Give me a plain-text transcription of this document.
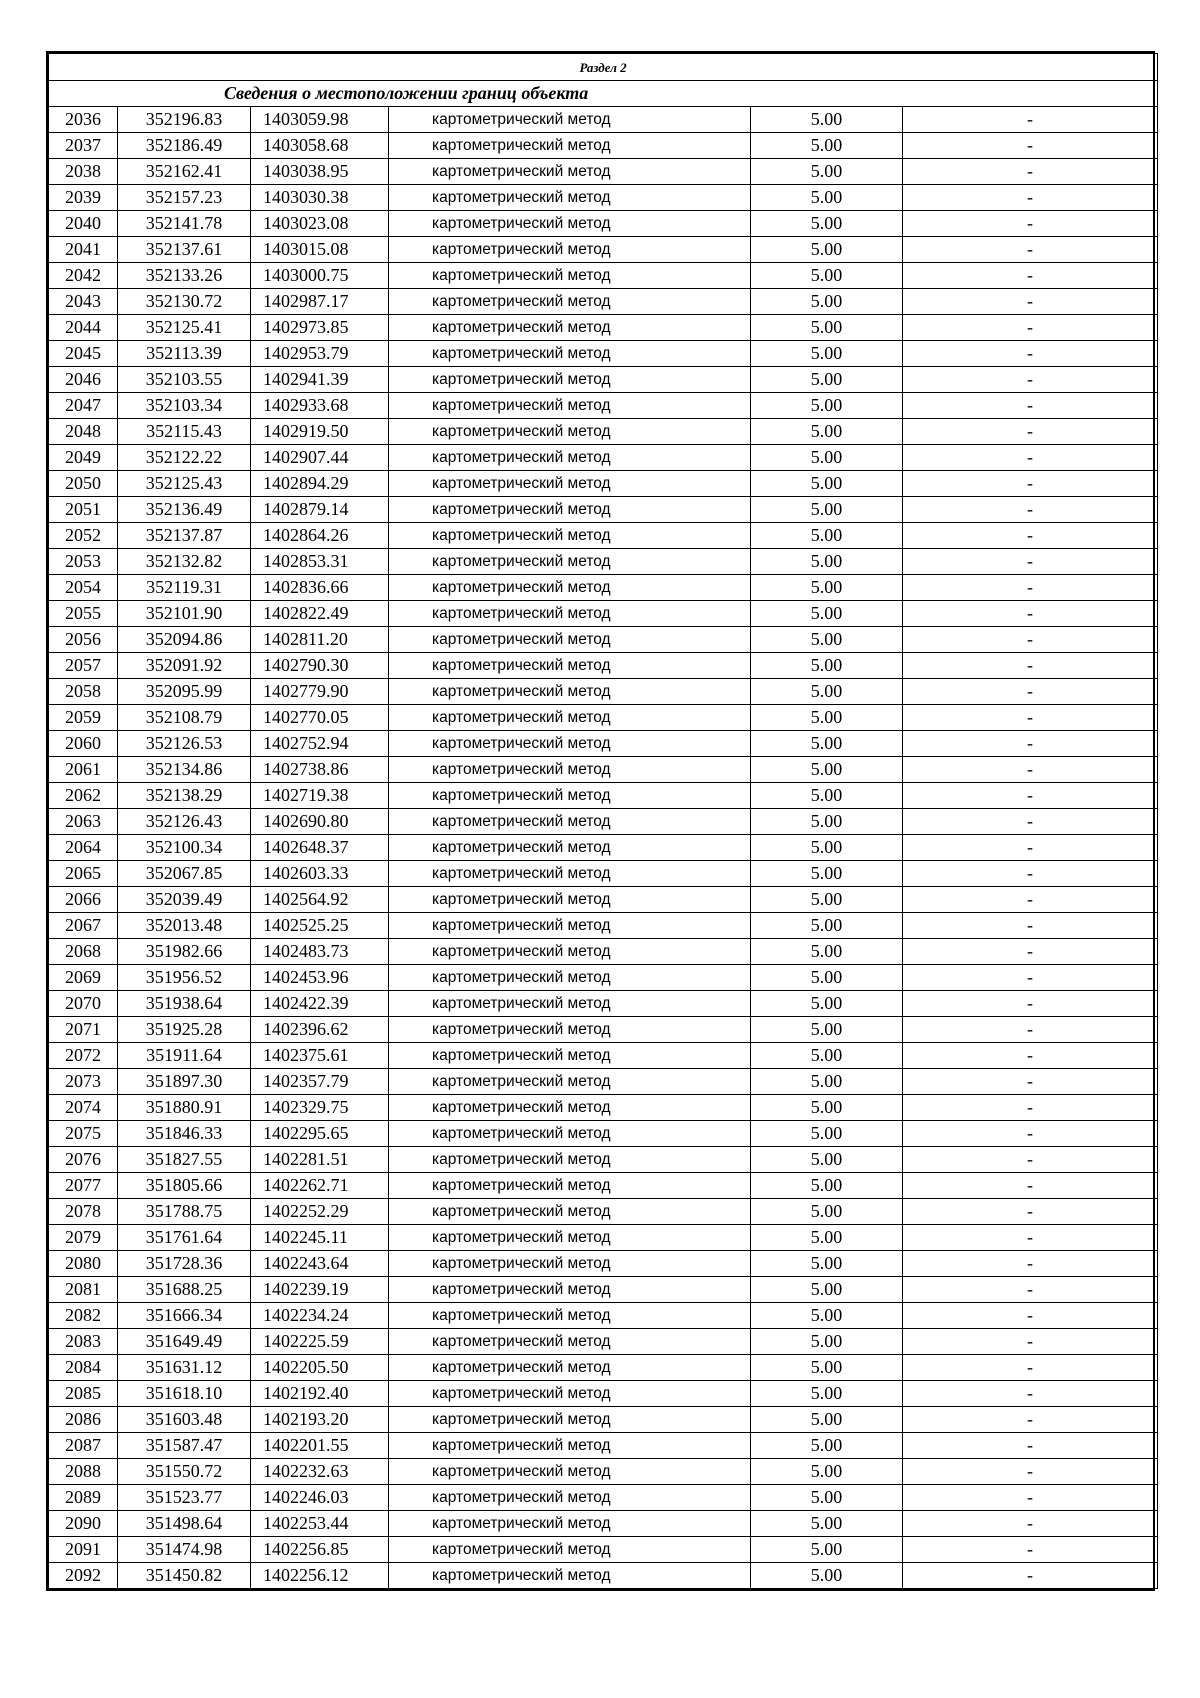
Раздел 2					
Сведения о местоположении границ объекта					
2036	352196.83	1403059.98	картометрический метод	5.00	-
2037	352186.49	1403058.68	картометрический метод	5.00	-
2038	352162.41	1403038.95	картометрический метод	5.00	-
2039	352157.23	1403030.38	картометрический метод	5.00	-
2040	352141.78	1403023.08	картометрический метод	5.00	-
2041	352137.61	1403015.08	картометрический метод	5.00	-
2042	352133.26	1403000.75	картометрический метод	5.00	-
2043	352130.72	1402987.17	картометрический метод	5.00	-
2044	352125.41	1402973.85	картометрический метод	5.00	-
2045	352113.39	1402953.79	картометрический метод	5.00	-
2046	352103.55	1402941.39	картометрический метод	5.00	-
2047	352103.34	1402933.68	картометрический метод	5.00	-
2048	352115.43	1402919.50	картометрический метод	5.00	-
2049	352122.22	1402907.44	картометрический метод	5.00	-
2050	352125.43	1402894.29	картометрический метод	5.00	-
2051	352136.49	1402879.14	картометрический метод	5.00	-
2052	352137.87	1402864.26	картометрический метод	5.00	-
2053	352132.82	1402853.31	картометрический метод	5.00	-
2054	352119.31	1402836.66	картометрический метод	5.00	-
2055	352101.90	1402822.49	картометрический метод	5.00	-
2056	352094.86	1402811.20	картометрический метод	5.00	-
2057	352091.92	1402790.30	картометрический метод	5.00	-
2058	352095.99	1402779.90	картометрический метод	5.00	-
2059	352108.79	1402770.05	картометрический метод	5.00	-
2060	352126.53	1402752.94	картометрический метод	5.00	-
2061	352134.86	1402738.86	картометрический метод	5.00	-
2062	352138.29	1402719.38	картометрический метод	5.00	-
2063	352126.43	1402690.80	картометрический метод	5.00	-
2064	352100.34	1402648.37	картометрический метод	5.00	-
2065	352067.85	1402603.33	картометрический метод	5.00	-
2066	352039.49	1402564.92	картометрический метод	5.00	-
2067	352013.48	1402525.25	картометрический метод	5.00	-
2068	351982.66	1402483.73	картометрический метод	5.00	-
2069	351956.52	1402453.96	картометрический метод	5.00	-
2070	351938.64	1402422.39	картометрический метод	5.00	-
2071	351925.28	1402396.62	картометрический метод	5.00	-
2072	351911.64	1402375.61	картометрический метод	5.00	-
2073	351897.30	1402357.79	картометрический метод	5.00	-
2074	351880.91	1402329.75	картометрический метод	5.00	-
2075	351846.33	1402295.65	картометрический метод	5.00	-
2076	351827.55	1402281.51	картометрический метод	5.00	-
2077	351805.66	1402262.71	картометрический метод	5.00	-
2078	351788.75	1402252.29	картометрический метод	5.00	-
2079	351761.64	1402245.11	картометрический метод	5.00	-
2080	351728.36	1402243.64	картометрический метод	5.00	-
2081	351688.25	1402239.19	картометрический метод	5.00	-
2082	351666.34	1402234.24	картометрический метод	5.00	-
2083	351649.49	1402225.59	картометрический метод	5.00	-
2084	351631.12	1402205.50	картометрический метод	5.00	-
2085	351618.10	1402192.40	картометрический метод	5.00	-
2086	351603.48	1402193.20	картометрический метод	5.00	-
2087	351587.47	1402201.55	картометрический метод	5.00	-
2088	351550.72	1402232.63	картометрический метод	5.00	-
2089	351523.77	1402246.03	картометрический метод	5.00	-
2090	351498.64	1402253.44	картометрический метод	5.00	-
2091	351474.98	1402256.85	картометрический метод	5.00	-
2092	351450.82	1402256.12	картометрический метод	5.00	-
